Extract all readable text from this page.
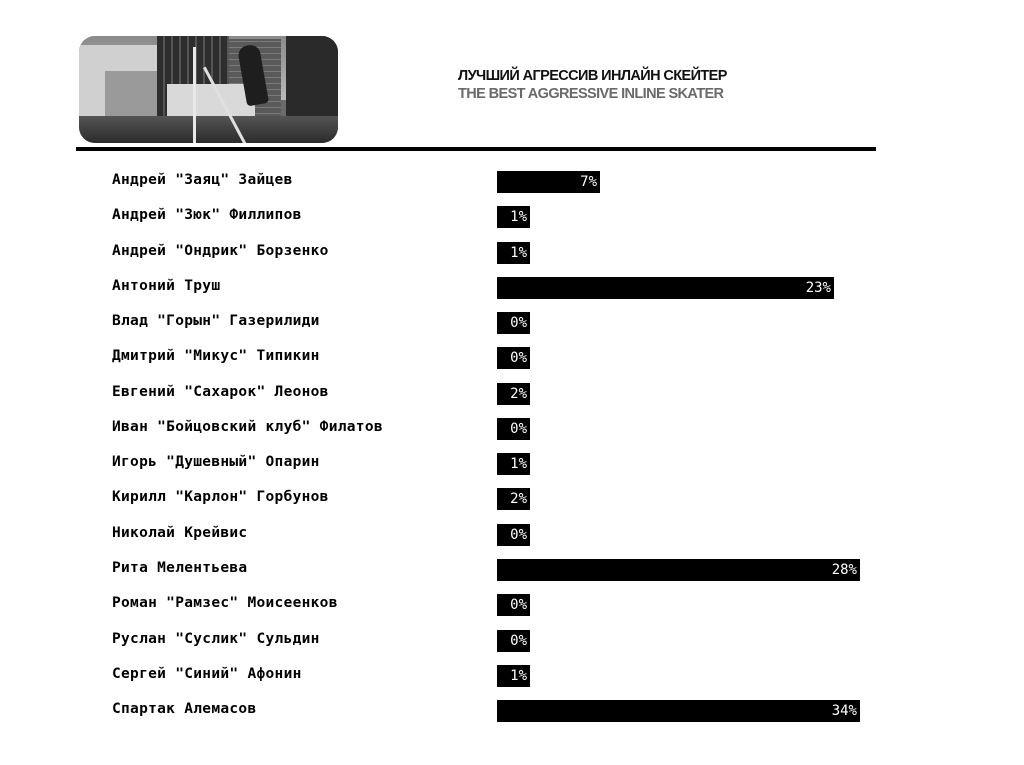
ЛУЧШИЙ АГРЕССИВ ИНЛАЙН СКЕЙТЕР
THE BEST AGGRESSIVE INLINE SKATER
Андрей "Заяц" Зайцев	7%
Андрей "Зюк" Филлипов	1%
Андрей "Ондрик" Борзенко	1%
Антоний Труш	23%
Влад "Горын" Газерилиди	0%
Дмитрий "Микус" Типикин	0%
Евгений "Сахарок" Леонов	2%
Иван "Бойцовский клуб" Филатов	0%
Игорь "Душевный" Опарин	1%
Кирилл "Карлон" Горбунов	2%
Николай Крейвис	0%
Рита Мелентьева	28%
Роман "Рамзес" Моисеенков	0%
Руслан "Суслик" Сульдин	0%
Сергей "Синий" Афонин	1%
Спартак Алемасов	34%
